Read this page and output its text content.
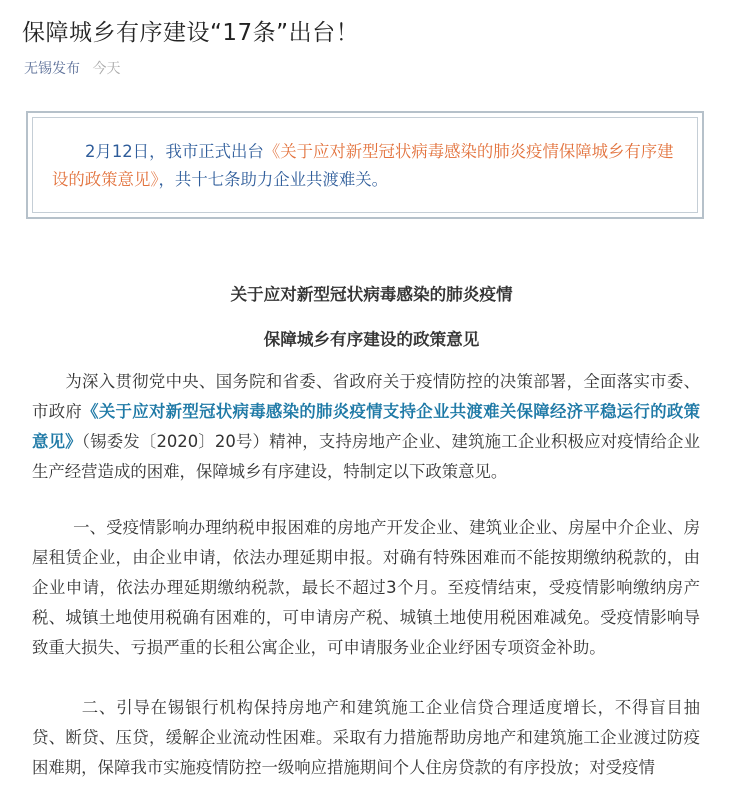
保障城乡有序建设“17条”出台！
无锡发布 今天

2月12日，我市正式出台《关于应对新型冠状病毒感染的肺炎疫情保障城乡有序建设的政策意见》，共十七条助力企业共渡难关。

关于应对新型冠状病毒感染的肺炎疫情

保障城乡有序建设的政策意见

为深入贯彻党中央、国务院和省委、省政府关于疫情防控的决策部署，全面落实市委、市政府《关于应对新型冠状病毒感染的肺炎疫情支持企业共渡难关保障经济平稳运行的政策意见》（锡委发〔2020〕20号）精神，支持房地产企业、建筑施工企业积极应对疫情给企业生产经营造成的困难，保障城乡有序建设，特制定以下政策意见。

一、受疫情影响办理纳税申报困难的房地产开发企业、建筑业企业、房屋中介企业、房屋租赁企业，由企业申请，依法办理延期申报。对确有特殊困难而不能按期缴纳税款的，由企业申请，依法办理延期缴纳税款，最长不超过3个月。至疫情结束，受疫情影响缴纳房产税、城镇土地使用税确有困难的，可申请房产税、城镇土地使用税困难减免。受疫情影响导致重大损失、亏损严重的长租公寓企业，可申请服务业企业纾困专项资金补助。

二、引导在锡银行机构保持房地产和建筑施工企业信贷合理适度增长，不得盲目抽贷、断贷、压贷，缓解企业流动性困难。采取有力措施帮助房地产和建筑施工企业渡过防疫困难期，保障我市实施疫情防控一级响应措施期间个人住房贷款的有序投放；对受疫情
